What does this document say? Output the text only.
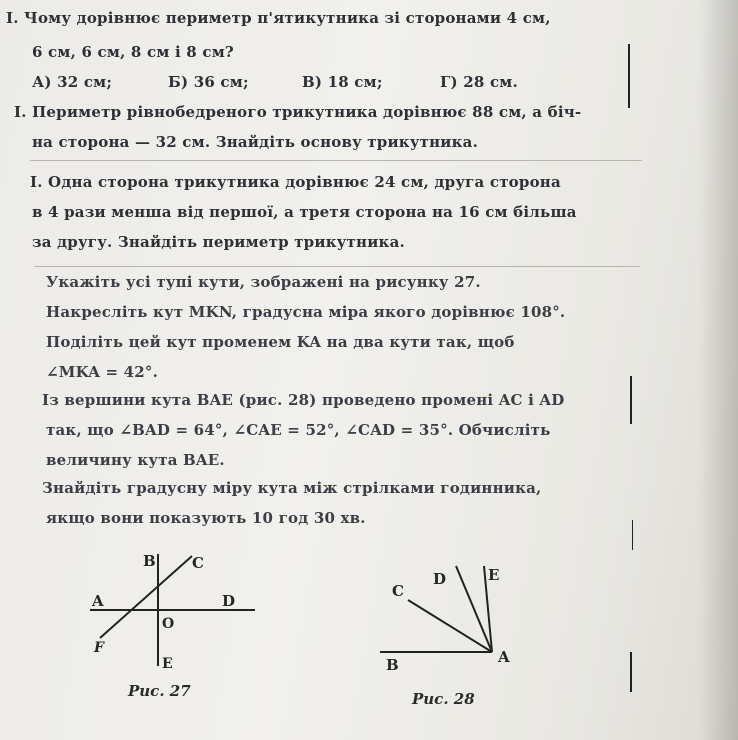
І. Чому дорівнює периметр п'ятикутника зі сторонами 4 см,
6 см, 6 см, 8 см і 8 см?
А) 32 см;	Б) 36 см;	В) 18 см;	Г) 28 см.
Ι. Периметр рівнобедреного трикутника дорівнює 88 см, а біч-
на сторона — 32 см. Знайдіть основу трикутника.
І. Одна сторона трикутника дорівнює 24 см, друга сторона
в 4 рази менша від першої, а третя сторона на 16 см більша
за другу. Знайдіть периметр трикутника.
Укажіть усі тупі кути, зображені на рисунку 27.
Накресліть кут MKN, градусна міра якого дорівнює 108°.
Поділіть цей кут променем KA на два кути так, щоб
∠MKA = 42°.
Із вершини кута BAE (рис. 28) проведено промені AC і AD
так, що ∠BAD = 64°, ∠CAE = 52°, ∠CAD = 35°. Обчисліть
величину кута BAE.
Знайдіть градусну міру кута між стрілками годинника,
якщо вони показують 10 год 30 хв.
B C
A	D
O
F
E
Рис. 27
C
D	E
B	A
Рис. 28
